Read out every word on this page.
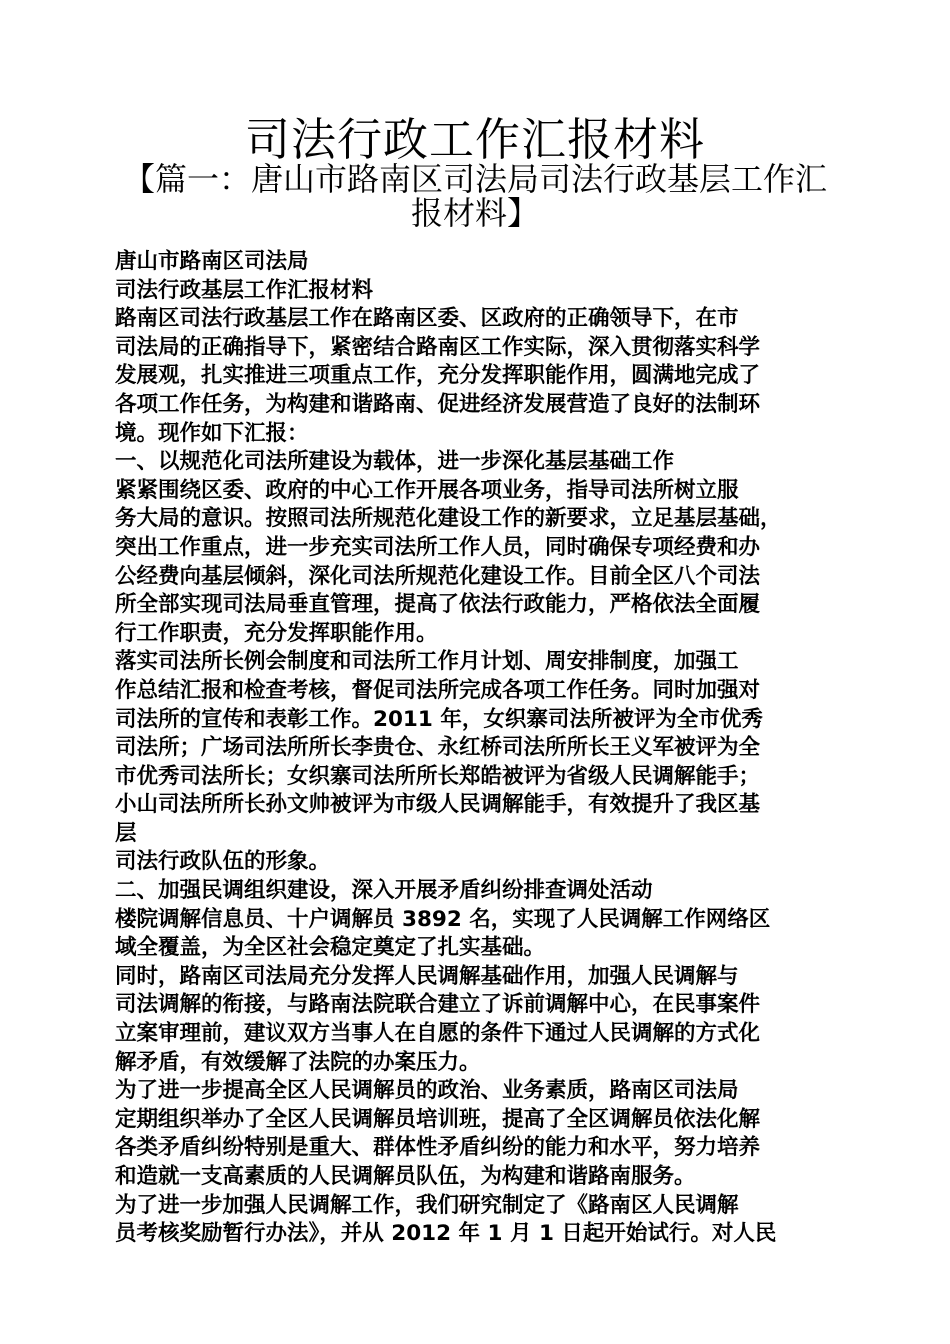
司法行政工作汇报材料
【篇一：唐山市路南区司法局司法行政基层工作汇报材料】

唐山市路南区司法局

司法行政基层工作汇报材料

路南区司法行政基层工作在路南区委、区政府的正确领导下，在市

司法局的正确指导下，紧密结合路南区工作实际，深入贯彻落实科学

发展观，扎实推进三项重点工作，充分发挥职能作用，圆满地完成了

各项工作任务，为构建和谐路南、促进经济发展营造了良好的法制环

境。现作如下汇报：

一、以规范化司法所建设为载体，进一步深化基层基础工作

紧紧围绕区委、政府的中心工作开展各项业务，指导司法所树立服

务大局的意识。按照司法所规范化建设工作的新要求，立足基层基础，

突出工作重点，进一步充实司法所工作人员，同时确保专项经费和办

公经费向基层倾斜，深化司法所规范化建设工作。目前全区八个司法

所全部实现司法局垂直管理，提高了依法行政能力，严格依法全面履

行工作职责，充分发挥职能作用。

落实司法所长例会制度和司法所工作月计划、周安排制度，加强工

作总结汇报和检查考核，督促司法所完成各项工作任务。同时加强对

司法所的宣传和表彰工作。2011 年，女织寨司法所被评为全市优秀

司法所；广场司法所所长李贵仓、永红桥司法所所长王义军被评为全

市优秀司法所长；女织寨司法所所长郑皓被评为省级人民调解能手；

小山司法所所长孙文帅被评为市级人民调解能手，有效提升了我区基

层

司法行政队伍的形象。

二、加强民调组织建设，深入开展矛盾纠纷排查调处活动

楼院调解信息员、十户调解员 3892 名，实现了人民调解工作网络区

域全覆盖，为全区社会稳定奠定了扎实基础。

同时，路南区司法局充分发挥人民调解基础作用，加强人民调解与

司法调解的衔接，与路南法院联合建立了诉前调解中心，在民事案件

立案审理前，建议双方当事人在自愿的条件下通过人民调解的方式化

解矛盾，有效缓解了法院的办案压力。

为了进一步提高全区人民调解员的政治、业务素质，路南区司法局

定期组织举办了全区人民调解员培训班，提高了全区调解员依法化解

各类矛盾纠纷特别是重大、群体性矛盾纠纷的能力和水平，努力培养

和造就一支高素质的人民调解员队伍，为构建和谐路南服务。

为了进一步加强人民调解工作，我们研究制定了《路南区人民调解

员考核奖励暂行办法》，并从 2012 年 1 月 1 日起开始试行。对人民
